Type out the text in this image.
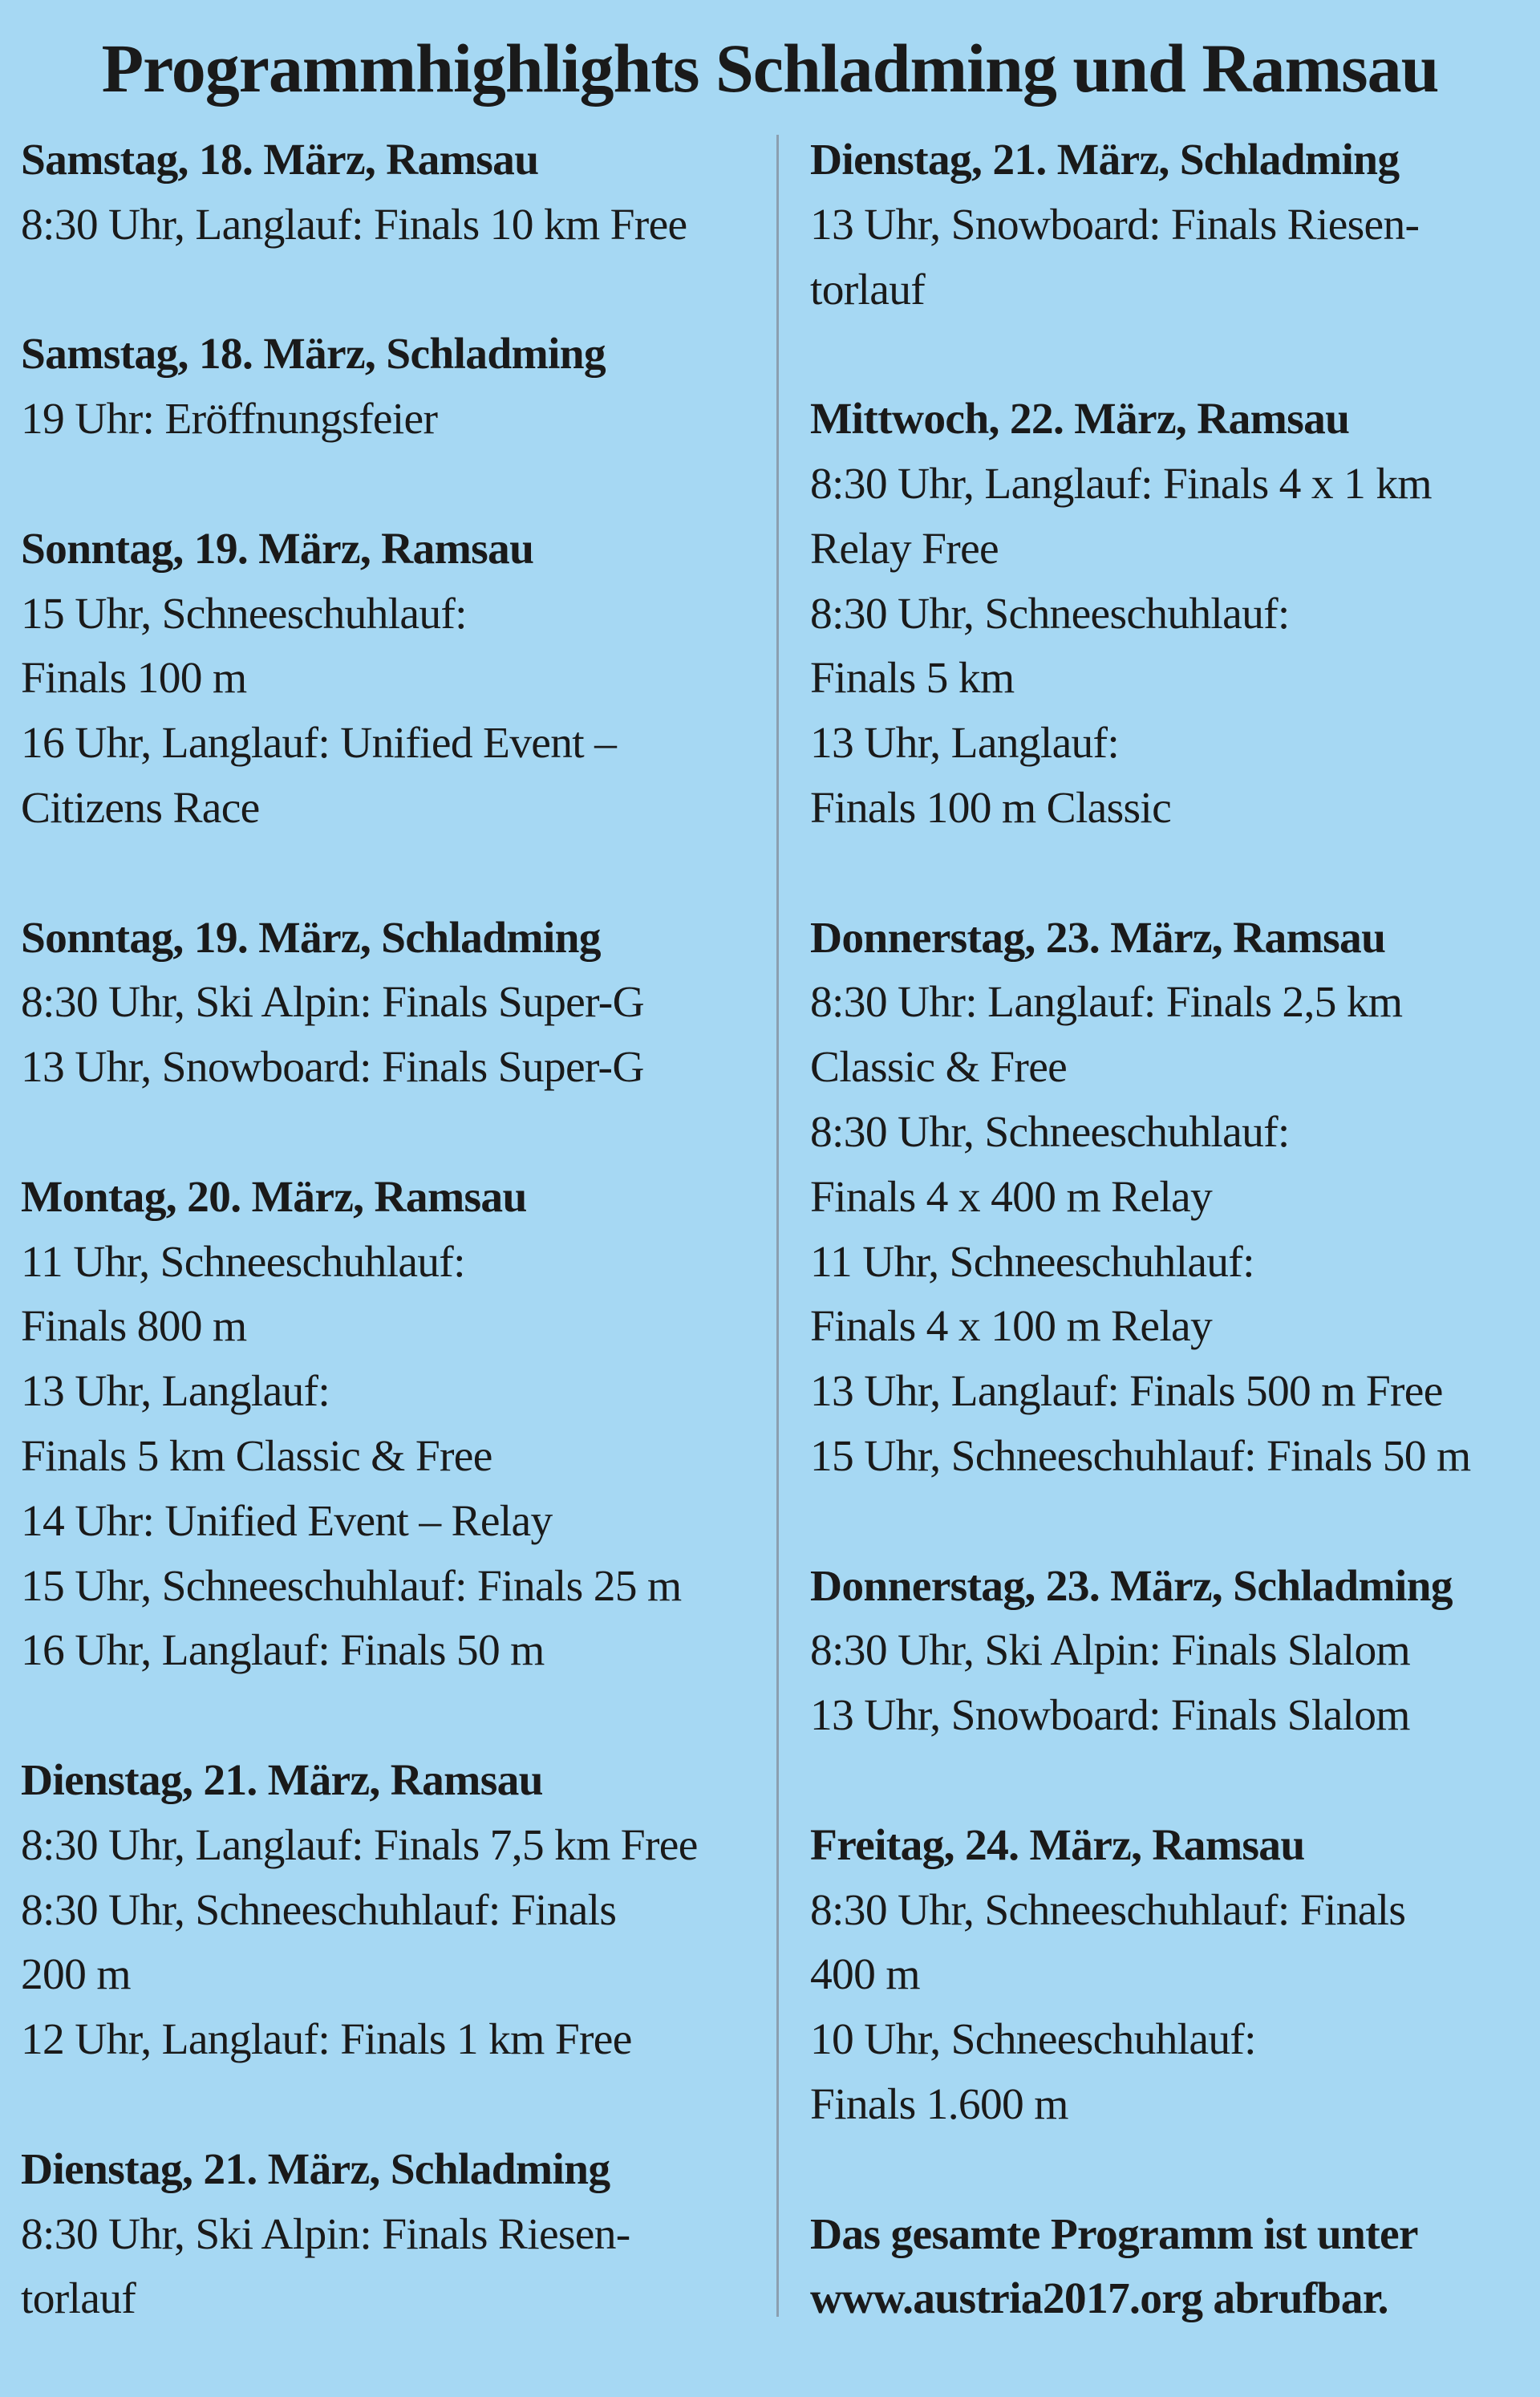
Programmhighlights Schladming und Ramsau
Samstag, 18. März, Ramsau
8:30 Uhr, Langlauf: Finals 10 km Free
Samstag, 18. März, Schladming
19 Uhr: Eröffnungsfeier
Sonntag, 19. März, Ramsau
15 Uhr, Schneeschuhlauf:
Finals 100 m
16 Uhr, Langlauf: Unified Event –
Citizens Race
Sonntag, 19. März, Schladming
8:30 Uhr, Ski Alpin: Finals Super-G
13 Uhr, Snowboard: Finals Super-G
Montag, 20. März, Ramsau
11 Uhr, Schneeschuhlauf:
Finals 800 m
13 Uhr, Langlauf:
Finals 5 km Classic & Free
14 Uhr: Unified Event – Relay
15 Uhr, Schneeschuhlauf: Finals 25 m
16 Uhr, Langlauf: Finals 50 m
Dienstag, 21. März, Ramsau
8:30 Uhr, Langlauf: Finals 7,5 km Free
8:30 Uhr, Schneeschuhlauf: Finals
200 m
12 Uhr, Langlauf: Finals 1 km Free
Dienstag, 21. März, Schladming
8:30 Uhr, Ski Alpin: Finals Riesen-
torlauf
Dienstag, 21. März, Schladming
13 Uhr, Snowboard: Finals Riesen-
torlauf
Mittwoch, 22. März, Ramsau
8:30 Uhr, Langlauf: Finals 4 x 1 km
Relay Free
8:30 Uhr, Schneeschuhlauf:
Finals 5 km
13 Uhr, Langlauf:
Finals 100 m Classic
Donnerstag, 23. März, Ramsau
8:30 Uhr: Langlauf: Finals 2,5 km
Classic & Free
8:30 Uhr, Schneeschuhlauf:
Finals 4 x 400 m Relay
11 Uhr, Schneeschuhlauf:
Finals 4 x 100 m Relay
13 Uhr, Langlauf: Finals 500 m Free
15 Uhr, Schneeschuhlauf: Finals 50 m
Donnerstag, 23. März, Schladming
8:30 Uhr, Ski Alpin: Finals Slalom
13 Uhr, Snowboard: Finals Slalom
Freitag, 24. März, Ramsau
8:30 Uhr, Schneeschuhlauf: Finals
400 m
10 Uhr, Schneeschuhlauf:
Finals 1.600 m
Das gesamte Programm ist unter
www.austria2017.org abrufbar.
